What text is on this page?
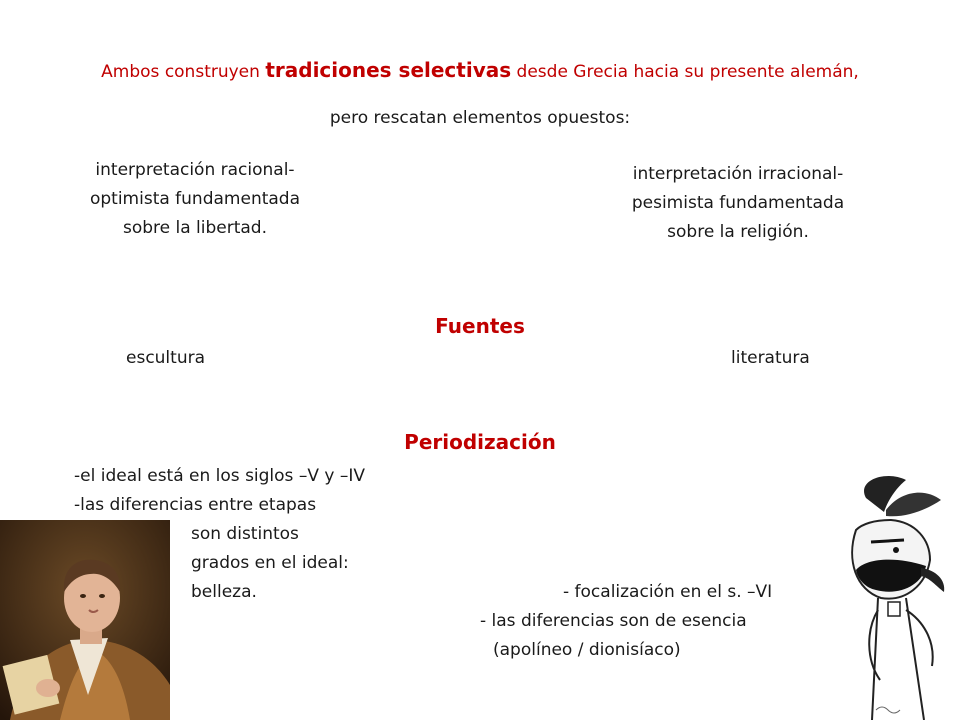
Ambos construyen tradiciones selectivas desde Grecia hacia su presente alemán,
pero rescatan elementos opuestos:
interpretación racional-
optimista fundamentada
sobre la libertad.
interpretación irracional-
pesimista fundamentada
sobre la religión.
Fuentes
escultura	literatura
Periodización
-el ideal está en los siglos –V y –IV
-las diferencias entre etapas
son distintos
grados en el ideal:
belleza.	- focalización en el s. –VI
- las diferencias son de esencia
(apolíneo / dionisíaco)
